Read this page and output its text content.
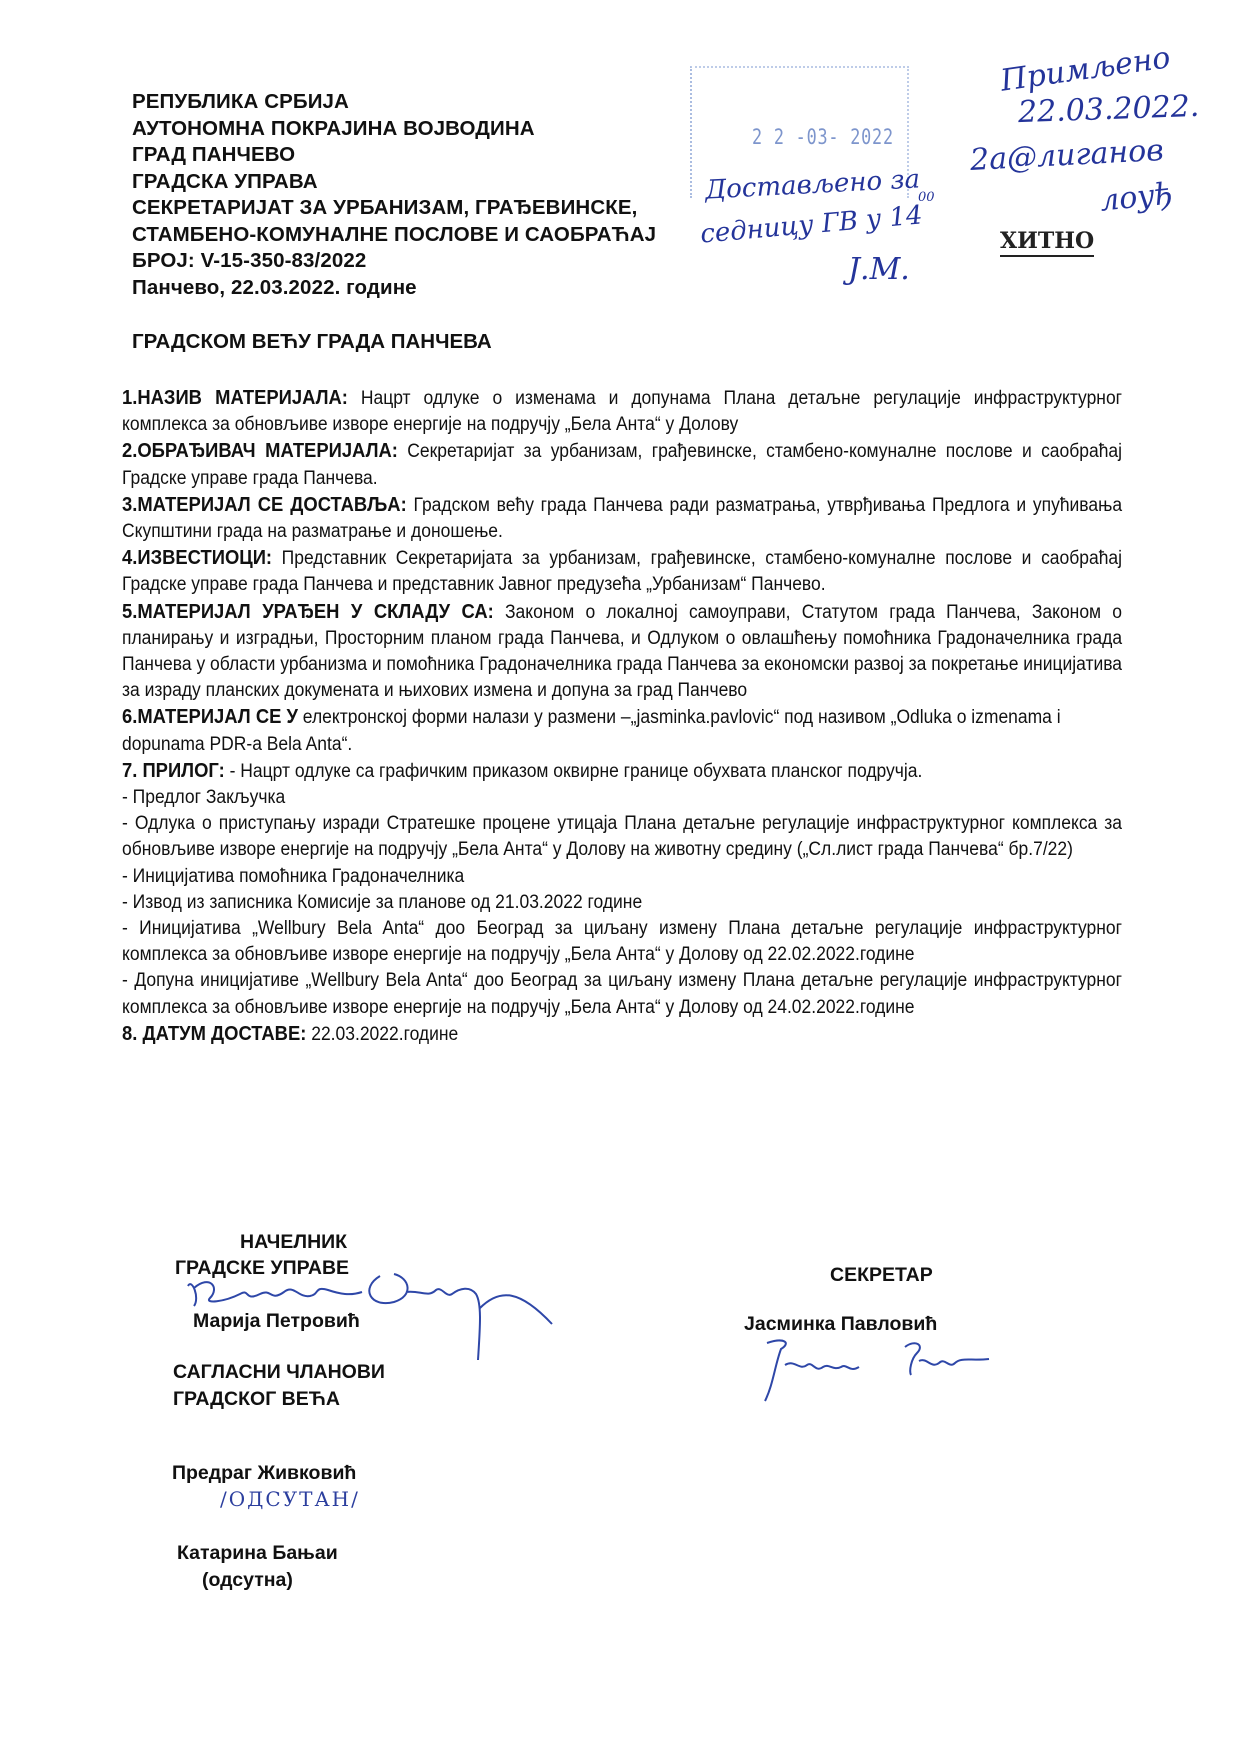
РЕПУБЛИКА СРБИЈА
АУТОНОМНА ПОКРАЈИНА ВОЈВОДИНА
ГРАД ПАНЧЕВО
ГРАДСКА УПРАВА
СЕКРЕТАРИЈАТ ЗА УРБАНИЗАМ, ГРАЂЕВИНСКЕ,
СТАМБЕНО-КОМУНАЛНЕ ПОСЛОВЕ И САОБРАЋАЈ
БРОЈ: V-15-350-83/2022
Панчево, 22.03.2022. године
2 2 -03- 2022
Достављено за
седницу ГВ у 14
00
Ј.М.
Примљено
22.03.2022.
2a@лиганов
лоуђ
ХИТНО
ГРАДСКОМ ВЕЋУ ГРАДА ПАНЧЕВА

1.НАЗИВ МАТЕРИЈАЛА: Нацрт одлуке о изменама и допунама Плана детаљне регулације инфраструктурног комплекса за обновљиве изворе енергије на подручју „Бела Анта“ у Долову

2.ОБРАЂИВАЧ МАТЕРИЈАЛА: Секретаријат за урбанизам, грађевинске, стамбено-комуналне послове и саобраћај Градске управе града Панчева.

3.МАТЕРИЈАЛ СЕ ДОСТАВЉА: Градском већу града Панчева ради разматрања, утврђивања Предлога и упућивања Скупштини града на разматрање и доношење.

4.ИЗВЕСТИОЦИ: Представник Секретаријата за урбанизам, грађевинске, стамбено-комуналне послове и саобраћај Градске управе града Панчева и представник Јавног предузећа „Урбанизам“ Панчево.

5.МАТЕРИЈАЛ УРАЂЕН У СКЛАДУ СА: Законом о локалној самоуправи, Статутом града Панчева, Законом о планирању и изградњи, Просторним планом града Панчева, и Одлуком о овлашћењу помоћника Градоначелника града Панчева у области урбанизма и помоћника Градоначелника града Панчева за економски развој за покретање иницијатива за израду планских докумената и њихових измена и допуна за град Панчево

6.МАТЕРИЈАЛ СЕ У електронској форми налази у размени –„jasminka.pavlovic“ под називом „Odluka o izmenama i dopunama PDR-a Bela Anta“.

7. ПРИЛОГ: - Нацрт одлуке са графичким приказом оквирне границе обухвата планског подручја.

- Предлог Закључка

- Одлука о приступању изради Стратешке процене утицаја Плана детаљне регулације инфраструктурног комплекса за обновљиве изворе енергије на подручју „Бела Анта“ у Долову на животну средину („Сл.лист града Панчева“ бр.7/22)

- Иницијатива помоћника Градоначелника

- Извод из записника Комисије за планове од 21.03.2022 године

- Иницијатива „Wellbury Bela Anta“ доо Београд за циљану измену Плана детаљне регулације инфраструктурног комплекса за обновљиве изворе енергије на подручју „Бела Анта“ у Долову од 22.02.2022.године

- Допуна иницијативе „Wellbury Bela Anta“ доо Београд за циљану измену Плана детаљне регулације инфраструктурног комплекса за обновљиве изворе енергије на подручју „Бела Анта“ у Долову од 24.02.2022.године

8. ДАТУМ ДОСТАВЕ: 22.03.2022.године

НАЧЕЛНИК
ГРАДСКЕ УПРАВЕ
Марија Петровић
САГЛАСНИ ЧЛАНОВИ
ГРАДСКОГ ВЕЋА
Предраг Живковић
/ОДСУТАН/
Катарина Бањаи
(одсутна)
СЕКРЕТАР
Јасминка Павловић
